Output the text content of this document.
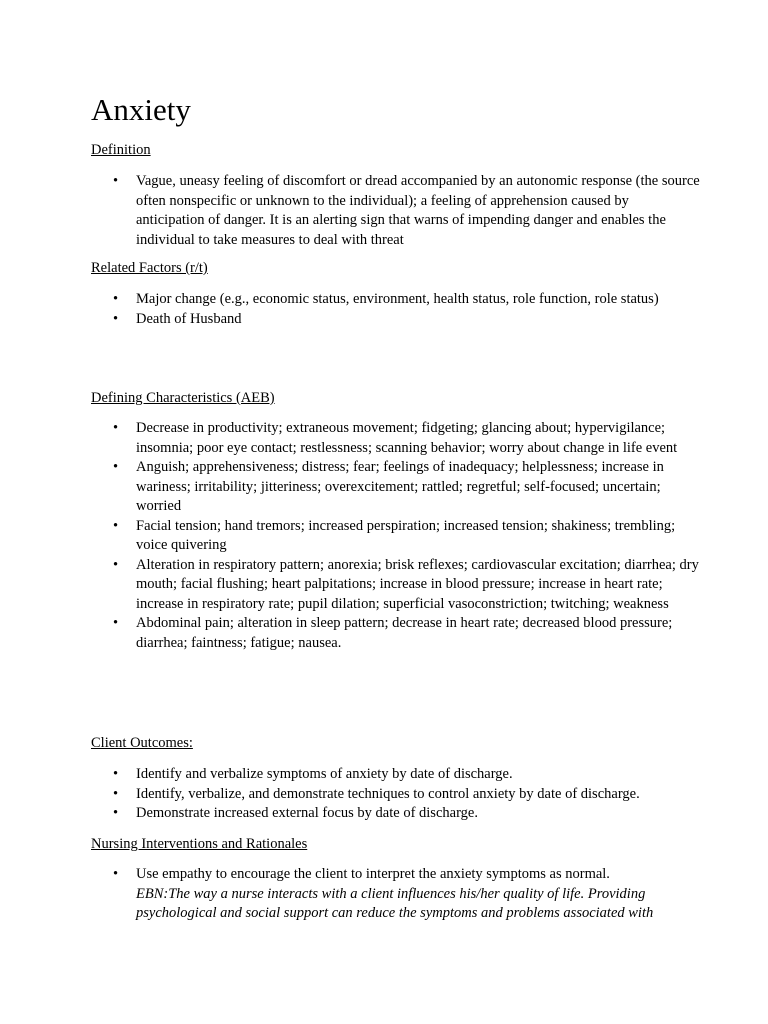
Anxiety

Definition

• Vague, uneasy feeling of discomfort or dread accompanied by an autonomic response (the source often nonspecific or unknown to the individual); a feeling of apprehension caused by anticipation of danger. It is an alerting sign that warns of impending danger and enables the individual to take measures to deal with threat

Related Factors (r/t)

• Major change (e.g., economic status, environment, health status, role function, role status)
• Death of Husband

Defining Characteristics (AEB)

• Decrease in productivity; extraneous movement; fidgeting; glancing about; hypervigilance; insomnia; poor eye contact; restlessness; scanning behavior; worry about change in life event
• Anguish; apprehensiveness; distress; fear; feelings of inadequacy; helplessness; increase in wariness; irritability; jitteriness; overexcitement; rattled; regretful; self-focused; uncertain; worried
• Facial tension; hand tremors; increased perspiration; increased tension; shakiness; trembling; voice quivering
• Alteration in respiratory pattern; anorexia; brisk reflexes; cardiovascular excitation; diarrhea; dry mouth; facial flushing; heart palpitations; increase in blood pressure; increase in heart rate; increase in respiratory rate; pupil dilation; superficial vasoconstriction; twitching; weakness
• Abdominal pain; alteration in sleep pattern; decrease in heart rate; decreased blood pressure; diarrhea; faintness; fatigue; nausea.

Client Outcomes:

• Identify and verbalize symptoms of anxiety by date of discharge.
• Identify, verbalize, and demonstrate techniques to control anxiety by date of discharge.
• Demonstrate increased external focus by date of discharge.

Nursing Interventions and Rationales

• Use empathy to encourage the client to interpret the anxiety symptoms as normal.
EBN:The way a nurse interacts with a client influences his/her quality of life. Providing psychological and social support can reduce the symptoms and problems associated with
